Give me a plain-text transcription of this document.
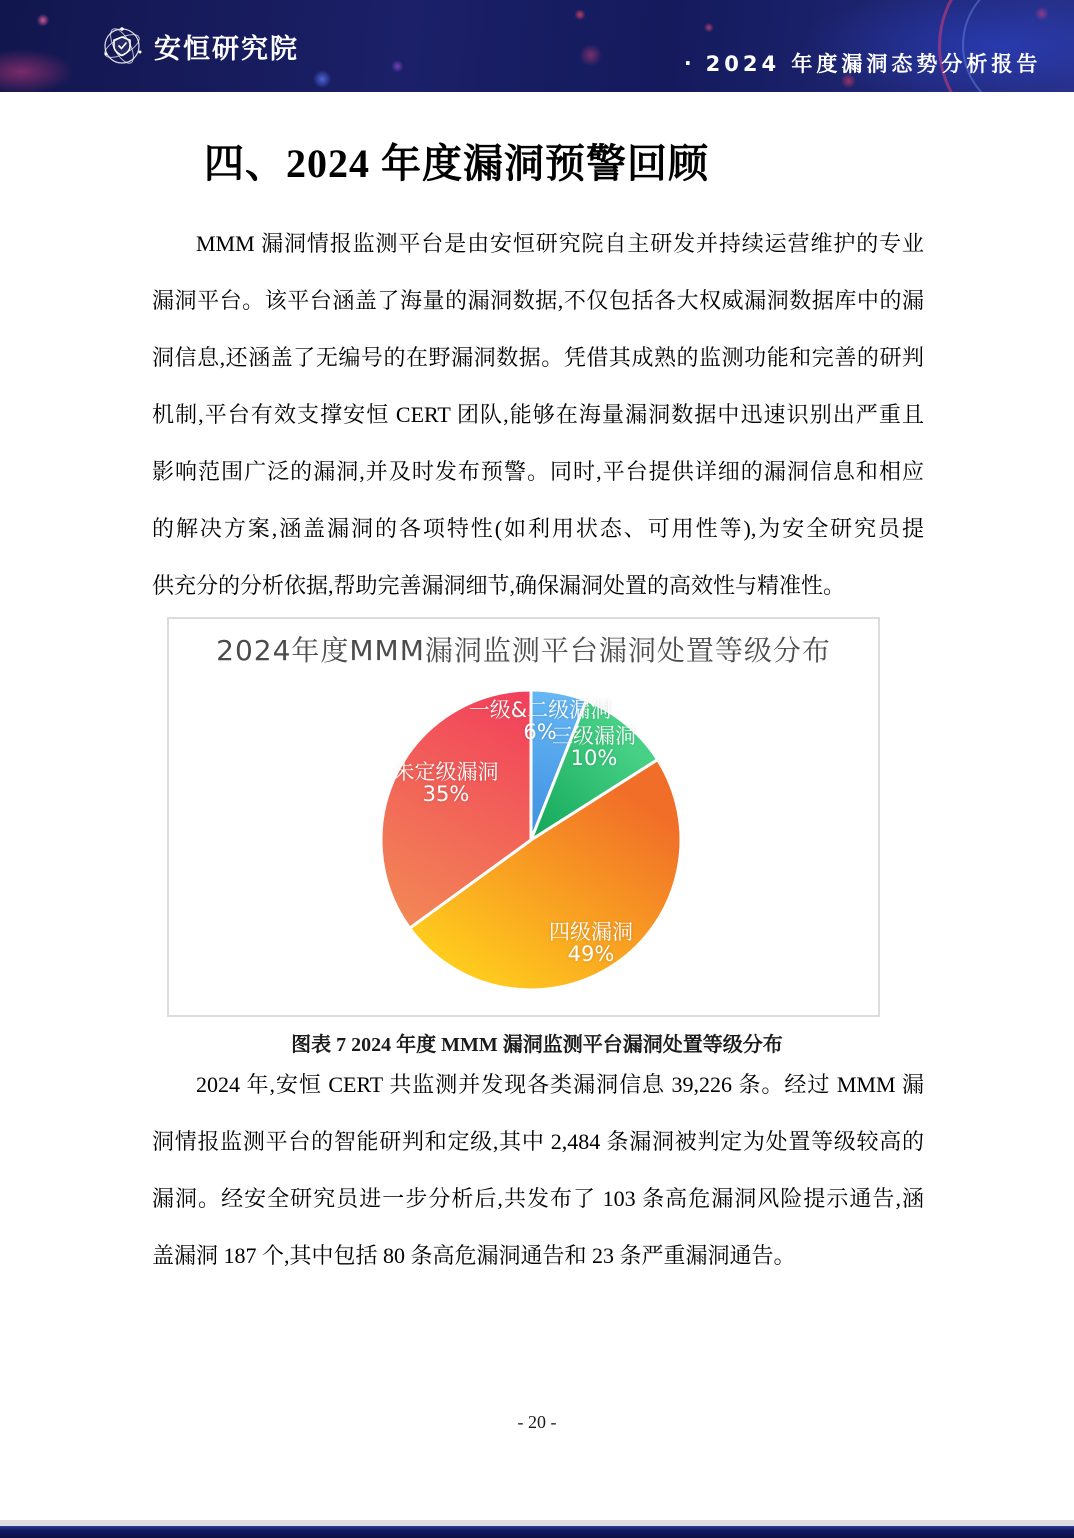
安恒研究院	· 2024 年度漏洞态势分析报告
四、2024 年度漏洞预警回顾
MMM 漏洞情报监测平台是由安恒研究院自主研发并持续运营维护的专业
漏洞平台。该平台涵盖了海量的漏洞数据,不仅包括各大权威漏洞数据库中的漏
洞信息,还涵盖了无编号的在野漏洞数据。凭借其成熟的监测功能和完善的研判
机制,平台有效支撑安恒 CERT 团队,能够在海量漏洞数据中迅速识别出严重且
影响范围广泛的漏洞,并及时发布预警。同时,平台提供详细的漏洞信息和相应
的解决方案,涵盖漏洞的各项特性(如利用状态、可用性等),为安全研究员提
供充分的分析依据,帮助完善漏洞细节,确保漏洞处置的高效性与精准性。
2024年度MMM漏洞监测平台漏洞处置等级分布
图表 7 2024 年度 MMM 漏洞监测平台漏洞处置等级分布
2024 年,安恒 CERT 共监测并发现各类漏洞信息 39,226 条。经过 MMM 漏
洞情报监测平台的智能研判和定级,其中 2,484 条漏洞被判定为处置等级较高的
漏洞。经安全研究员进一步分析后,共发布了 103 条高危漏洞风险提示通告,涵
盖漏洞 187 个,其中包括 80 条高危漏洞通告和 23 条严重漏洞通告。
- 20 -
一级&二级漏洞
6%
三级漏洞
10%
四级漏洞
49%
未定级漏洞
35%
